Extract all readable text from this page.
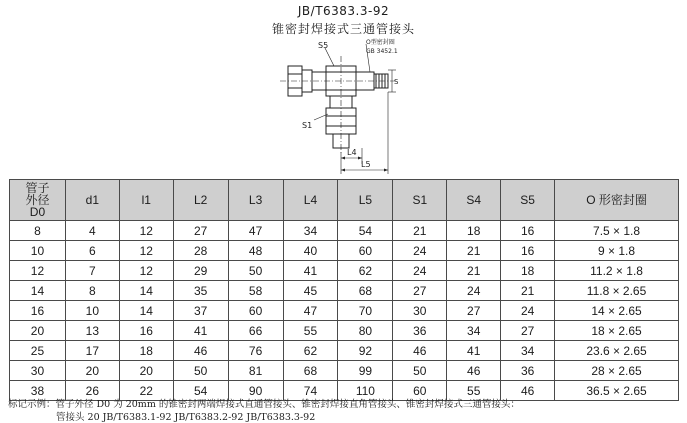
JB/T6383.3-92
锥密封焊接式三通管接头
S5	O型密封圈
GB 3452.1
S
S1
L4
L5
管子
外径
D0	d1	l1	L2	L3	L4	L5	S1	S4	S5	O 形密封圈
8	4	12	27	47	34	54	21	18	16	7.5 × 1.8
10	6	12	28	48	40	60	24	21	16	9 × 1.8
12	7	12	29	50	41	62	24	21	18	11.2 × 1.8
14	8	14	35	58	45	68	27	24	21	11.8 × 2.65
16	10	14	37	60	47	70	30	27	24	14 × 2.65
20	13	16	41	66	55	80	36	34	27	18 × 2.65
25	17	18	46	76	62	92	46	41	34	23.6 × 2.65
30	20	20	50	81	68	99	50	46	36	28 × 2.65
38	26	22	54	90	74	110	60	55	46	36.5 × 2.65
标记示例：管子外径 D0 为 20mm 的锥密封两端焊接式直通管接头、锥密封焊接直角管接头、锥密封焊接式三通管接头：
管接头 20 JB/T6383.1-92 JB/T6383.2-92 JB/T6383.3-92
